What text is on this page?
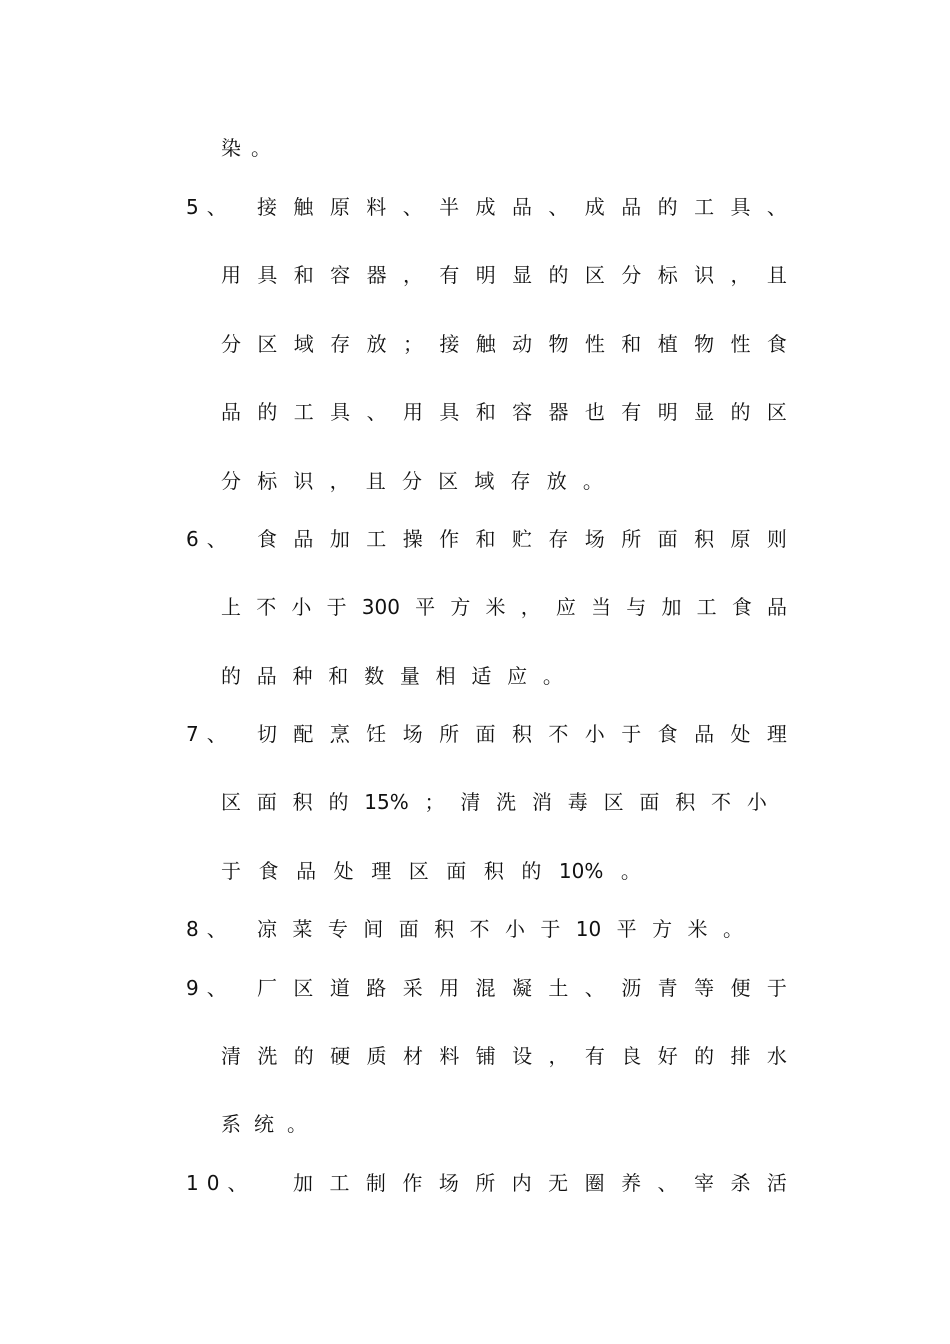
5、
6、
7、
8、
9、
10、
染 。
接 触 原 料 、 半 成 品 、 成 品 的 工 具 、
用 具 和 容 器 ， 有 明 显 的 区 分 标 识 ， 且
分 区 域 存 放 ； 接 触 动 物 性 和 植 物 性 食
品 的 工 具 、 用 具 和 容 器 也 有 明 显 的 区
分 标 识 ， 且 分 区 域 存 放 。
食 品 加 工 操 作 和 贮 存 场 所 面 积 原 则
上 不 小 于 300 平 方 米 ， 应 当 与 加 工 食 品
的 品 种 和 数 量 相 适 应 。
切 配 烹 饪 场 所 面 积 不 小 于 食 品 处 理
区 面 积 的 15% ； 清 洗 消 毒 区 面 积 不 小
于 食 品 处 理 区 面 积 的 10% 。
凉 菜 专 间 面 积 不 小 于 10 平 方 米 。
厂 区 道 路 采 用 混 凝 土 、 沥 青 等 便 于
清 洗 的 硬 质 材 料 铺 设 ， 有 良 好 的 排 水
系 统 。
加 工 制 作 场 所 内 无 圈 养 、 宰 杀 活
